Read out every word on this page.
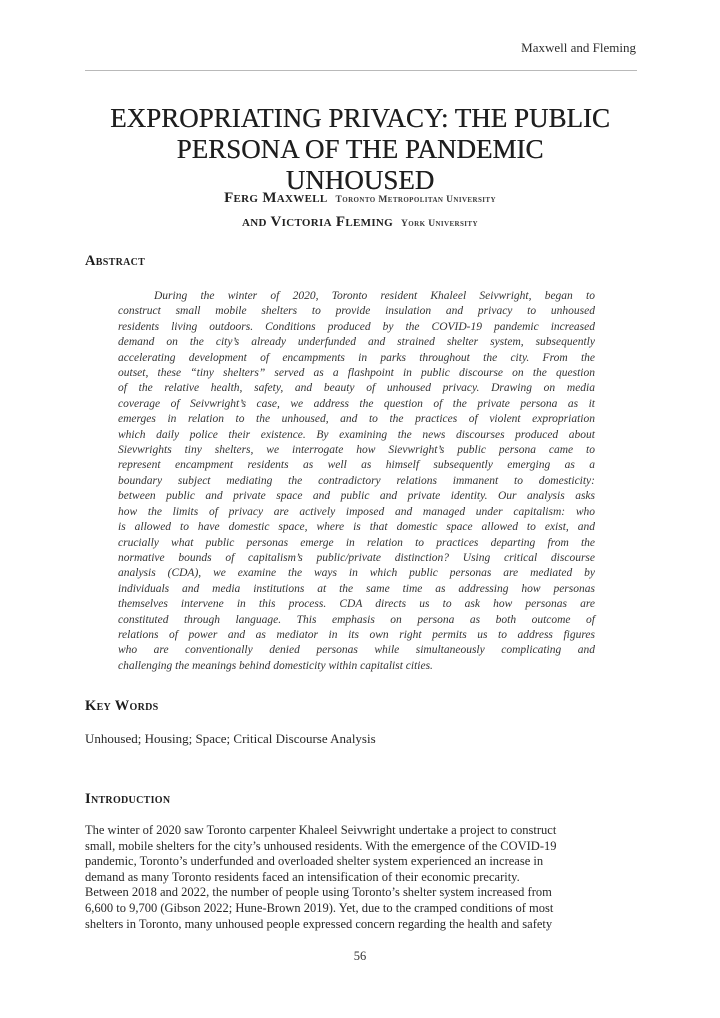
Maxwell and Fleming
EXPROPRIATING PRIVACY: THE PUBLIC
PERSONA OF THE PANDEMIC
UNHOUSED
Ferg Maxwell Toronto Metropolitan University
and Victoria Fleming York University
Abstract
During the winter of 2020, Toronto resident Khaleel Seivwright, began to
construct small mobile shelters to provide insulation and privacy to unhoused
residents living outdoors. Conditions produced by the COVID-19 pandemic increased
demand on the city’s already underfunded and strained shelter system, subsequently
accelerating development of encampments in parks throughout the city. From the
outset, these “tiny shelters” served as a flashpoint in public discourse on the question
of the relative health, safety, and beauty of unhoused privacy. Drawing on media
coverage of Seivwright’s case, we address the question of the private persona as it
emerges in relation to the unhoused, and to the practices of violent expropriation
which daily police their existence. By examining the news discourses produced about
Sievwrights tiny shelters, we interrogate how Sievwright’s public persona came to
represent encampment residents as well as himself subsequently emerging as a
boundary subject mediating the contradictory relations immanent to domesticity:
between public and private space and public and private identity. Our analysis asks
how the limits of privacy are actively imposed and managed under capitalism: who
is allowed to have domestic space, where is that domestic space allowed to exist, and
crucially what public personas emerge in relation to practices departing from the
normative bounds of capitalism’s public/private distinction? Using critical discourse
analysis (CDA), we examine the ways in which public personas are mediated by
individuals and media institutions at the same time as addressing how personas
themselves intervene in this process. CDA directs us to ask how personas are
constituted through language. This emphasis on persona as both outcome of
relations of power and as mediator in its own right permits us to address figures
who are conventionally denied personas while simultaneously complicating and
challenging the meanings behind domesticity within capitalist cities.
Key Words
Unhoused; Housing; Space; Critical Discourse Analysis
Introduction
The winter of 2020 saw Toronto carpenter Khaleel Seivwright undertake a project to construct
small, mobile shelters for the city’s unhoused residents. With the emergence of the COVID-19
pandemic, Toronto’s underfunded and overloaded shelter system experienced an increase in
demand as many Toronto residents faced an intensification of their economic precarity.
Between 2018 and 2022, the number of people using Toronto’s shelter system increased from
6,600 to 9,700 (Gibson 2022; Hune-Brown 2019). Yet, due to the cramped conditions of most
shelters in Toronto, many unhoused people expressed concern regarding the health and safety
56
